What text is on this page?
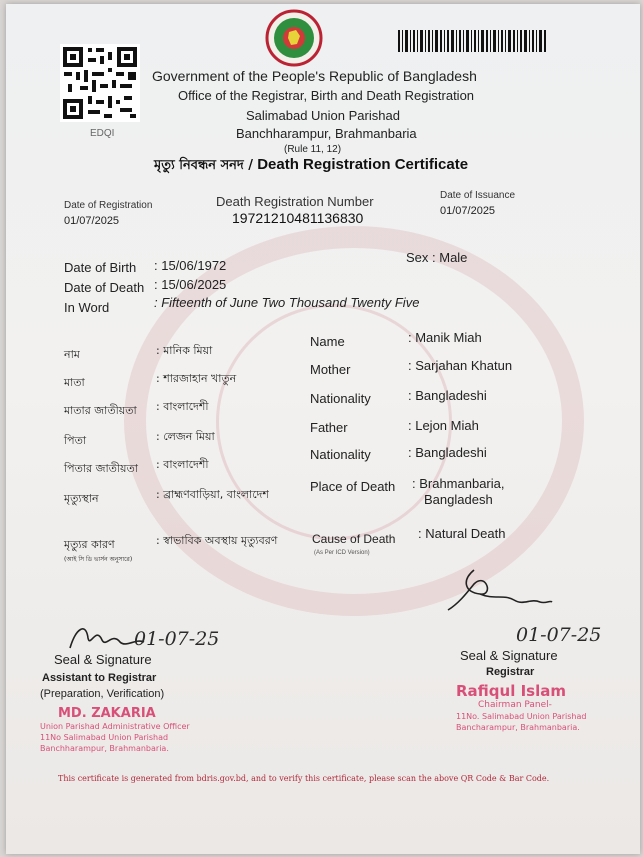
EDQI
Government of the People's Republic of Bangladesh
Office of the Registrar, Birth and Death Registration
Salimabad Union Parishad
Banchharampur, Brahmanbaria
(Rule 11, 12)
মৃত্যু নিবন্ধন সনদ / Death Registration Certificate
Date of Registration
01/07/2025
Death Registration Number
19721210481136830
Date of Issuance
01/07/2025
Date of Birth : 15/06/1972
Sex : Male
Date of Death : 15/06/2025
In Word	: Fifteenth of June Two Thousand Twenty Five
নাম	: মানিক মিয়া
মাতা	: শারজাহান খাতুন
মাতার জাতীয়তা : বাংলাদেশী
পিতা	: লেজন মিয়া
পিতার জাতীয়তা : বাংলাদেশী
মৃত্যুস্থান	: ব্রাহ্মণবাড়িয়া, বাংলাদেশ
মৃত্যুর কারণ	: স্বাভাবিক অবস্থায় মৃত্যুবরণ
(আই সি ডি ভার্সন অনুসারে)
Name	: Manik Miah
Mother	: Sarjahan Khatun
Nationality	: Bangladeshi
Father	: Lejon Miah
Nationality	: Bangladeshi
Place of Death : Brahmanbaria,
Bangladesh
Cause of Death : Natural Death
(As Per ICD Version)
01-07-25
Seal & Signature
Assistant to Registrar
(Preparation, Verification)
MD. ZAKARIA
Union Parishad Administrative Officer
11No Salimabad Union Parishad
Banchharampur, Brahmanbaria.
01-07-25
Seal & Signature
Registrar
Rafiqul Islam
Chairman Panel-
11No. Salimabad Union Parishad
Bancharampur, Brahmanbaria.
This certificate is generated from bdris.gov.bd, and to verify this certificate, please scan the above QR Code & Bar Code.
